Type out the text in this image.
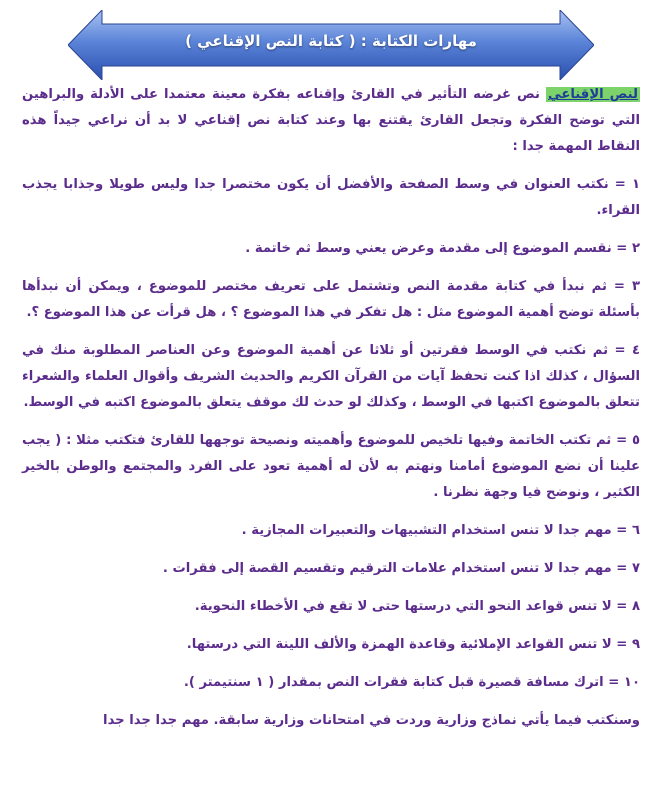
مهارات الكتابة : ( كتابة النص الإقناعي )

لنص الإقناعي نص غرضه التأثير في القارئ وإقناعه بفكرة معينة معتمدا على الأدلة والبراهين التي توضح الفكرة وتجعل القارئ يقتنع بها وعند كتابة نص إقناعي لا بد أن نراعي جيداً هذه النقاط المهمة جدا :

١ = نكتب العنوان في وسط الصفحة والأفضل أن يكون مختصرا جدا وليس طويلا وجذابا يجذب القراء.

٢ = نقسم الموضوع إلى مقدمة وعرض يعني وسط ثم خاتمة .

٣ = ثم نبدأ في كتابة مقدمة النص وتشتمل على تعريف مختصر للموضوع ، ويمكن أن نبدأها بأسئلة توضح أهمية الموضوع مثل : هل تفكر في هذا الموضوع ؟ ، هل قرأت عن هذا الموضوع ؟.

٤ = ثم نكتب في الوسط فقرتين أو ثلاثا عن أهمية الموضوع وعن العناصر المطلوبة منك في السؤال ، كذلك اذا كنت تحفظ آيات من القرآن الكريم والحديث الشريف وأقوال العلماء والشعراء تتعلق بالموضوع اكتبها في الوسط ، وكذلك لو حدث لك موقف يتعلق بالموضوع اكتبه في الوسط.

٥ = ثم تكتب الخاتمة وفيها تلخيص للموضوع وأهميته ونصيحة توجهها للقارئ فتكتب مثلا : ( يجب علينا أن نضع الموضوع أمامنا ونهتم به لأن له أهمية تعود على الفرد والمجتمع والوطن بالخير الكثير ، ونوضح فيا وجهة نظرنا .

٦ = مهم جدا لا تنس استخدام التشبيهات والتعبيرات المجازية .

٧ = مهم جدا لا تنس استخدام علامات الترقيم وتقسيم القصة إلى فقرات .

٨ = لا تنس قواعد النحو التي درستها حتى لا تقع في الأخطاء النحوية.

٩ = لا تنس القواعد الإملائية وقاعدة الهمزة والألف اللينة التي درستها.

١٠ = اترك مسافة قصيرة قبل كتابة فقرات النص بمقدار ( ١ سنتيمتر ).

وسنكتب فيما يأتي نماذج وزارية وردت في امتحانات وزارية سابقة. مهم جدا جدا جدا
